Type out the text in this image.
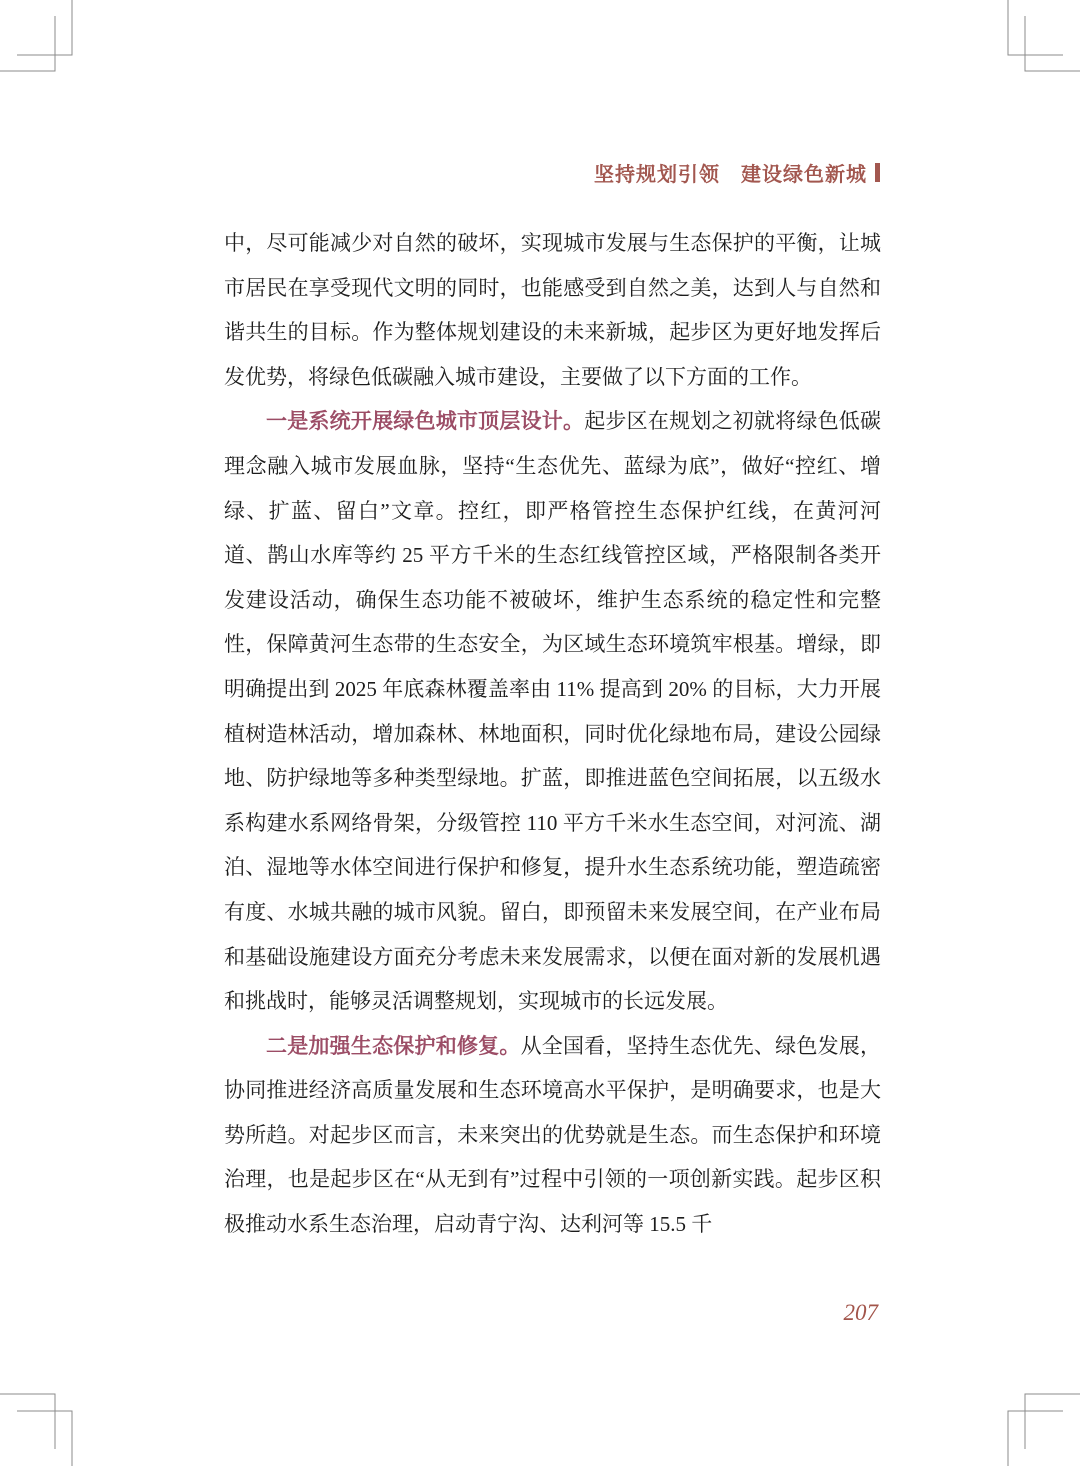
坚持规划引领　建设绿色新城

中，尽可能减少对自然的破坏，实现城市发展与生态保护的平衡，让城市居民在享受现代文明的同时，也能感受到自然之美，达到人与自然和谐共生的目标。作为整体规划建设的未来新城，起步区为更好地发挥后发优势，将绿色低碳融入城市建设，主要做了以下方面的工作。

一是系统开展绿色城市顶层设计。起步区在规划之初就将绿色低碳理念融入城市发展血脉，坚持“生态优先、蓝绿为底”，做好“控红、增绿、扩蓝、留白”文章。控红，即严格管控生态保护红线，在黄河河道、鹊山水库等约 25 平方千米的生态红线管控区域，严格限制各类开发建设活动，确保生态功能不被破坏，维护生态系统的稳定性和完整性，保障黄河生态带的生态安全，为区域生态环境筑牢根基。增绿，即明确提出到 2025 年底森林覆盖率由 11% 提高到 20% 的目标，大力开展植树造林活动，增加森林、林地面积，同时优化绿地布局，建设公园绿地、防护绿地等多种类型绿地。扩蓝，即推进蓝色空间拓展，以五级水系构建水系网络骨架，分级管控 110 平方千米水生态空间，对河流、湖泊、湿地等水体空间进行保护和修复，提升水生态系统功能，塑造疏密有度、水城共融的城市风貌。留白，即预留未来发展空间，在产业布局和基础设施建设方面充分考虑未来发展需求，以便在面对新的发展机遇和挑战时，能够灵活调整规划，实现城市的长远发展。

二是加强生态保护和修复。从全国看，坚持生态优先、绿色发展，协同推进经济高质量发展和生态环境高水平保护，是明确要求，也是大势所趋。对起步区而言，未来突出的优势就是生态。而生态保护和环境治理，也是起步区在“从无到有”过程中引领的一项创新实践。起步区积极推动水系生态治理，启动青宁沟、达利河等 15.5 千

207
